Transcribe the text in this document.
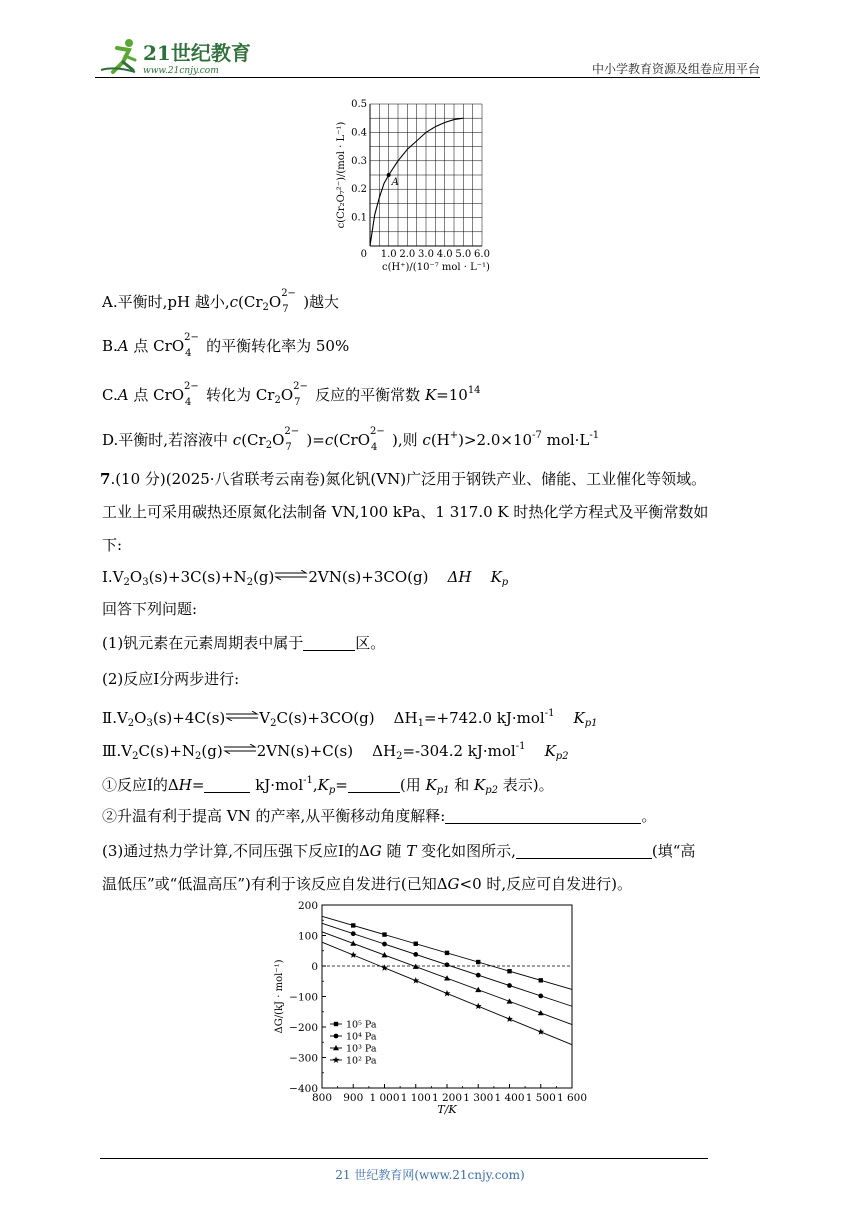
21世纪教育
www.21cnjy.com	中小学教育资源及组卷应用平台
0 1.0 2.0 3.0 4.0 5.0 6.0
0.1
0.2
0.3
0.4
0.5
A
c(H⁺)/(10⁻⁷ mol · L⁻¹)
c(Cr₂O₇²⁻)/(mol · L⁻¹)
A.平衡时,pH 越小$,c(Cr_2O$ 2−
7 )越大
B.A 点 CrO 2−
4 的平衡转化率为 50%
C.A 点 CrO 2−
4 转化为 $Cr_2O$ 2−
7 反应的平衡常数 $K=10^{14}$
D.平衡时,若溶液中 $c(Cr_2O$ 2−
7 )=c(CrO 2−
4 ),则 $c(H^+)>2.0\times 10^{-7}$ $mol\cdot L^{-1}$
7.(10 分)(2025·八省联考云南卷)氮化钒(VN)广泛用于钢铁产业、储能、工业催化等领域。
工业上可采用碳热还原氮化法制备 VN,100 kPa、1 317.0 K 时热化学方程式及平衡常数如
下:
$Ⅰ.V_2O_3(s)+3C(s)+N_2(g)\rightleftharpoons 2VN(s)+3CO(g)$ ΔH $K_p$
回答下列问题:
(1)钒元素在元素周期表中属于	区。
(2)反应Ⅰ分两步进行:
$Ⅱ.V_2O_3(s)+4C(s)\rightleftharpoons V_2C(s)+3CO(g)$ $\Delta H_1=+742.0$ kJ·mol$^{-1}$ $K_{p1}$
$Ⅲ.V_2C(s)+N_2(g)\rightleftharpoons 2VN(s)+C(s)$ $\Delta H_2=-304.2$ kJ·mol$^{-1}$ $K_{p2}$
①反应Ⅰ的ΔH=	$kJ\cdot mol^{-1},K_p=$	(用 $K_{p1}$ 和 $K_{p2}$ 表示)。
②升温有利于提高 VN 的产率,从平衡移动角度解释:	。
(3)通过热力学计算,不同压强下反应Ⅰ的ΔG 随 T 变化如图所示,	(填“高
温低压”或“低温高压”)有利于该反应自发进行(已知ΔG<0 时,反应可自发进行)。
800 900 1 000 1 100 1 200 1 300 1 400 1 500 1 600
200
100
0
−100
−200
−300
−400
10⁵ Pa
10⁴ Pa
10³ Pa
10² Pa
T/K
ΔG/(kJ · mol⁻¹)
21 世纪教育网(www.21cnjy.com)
